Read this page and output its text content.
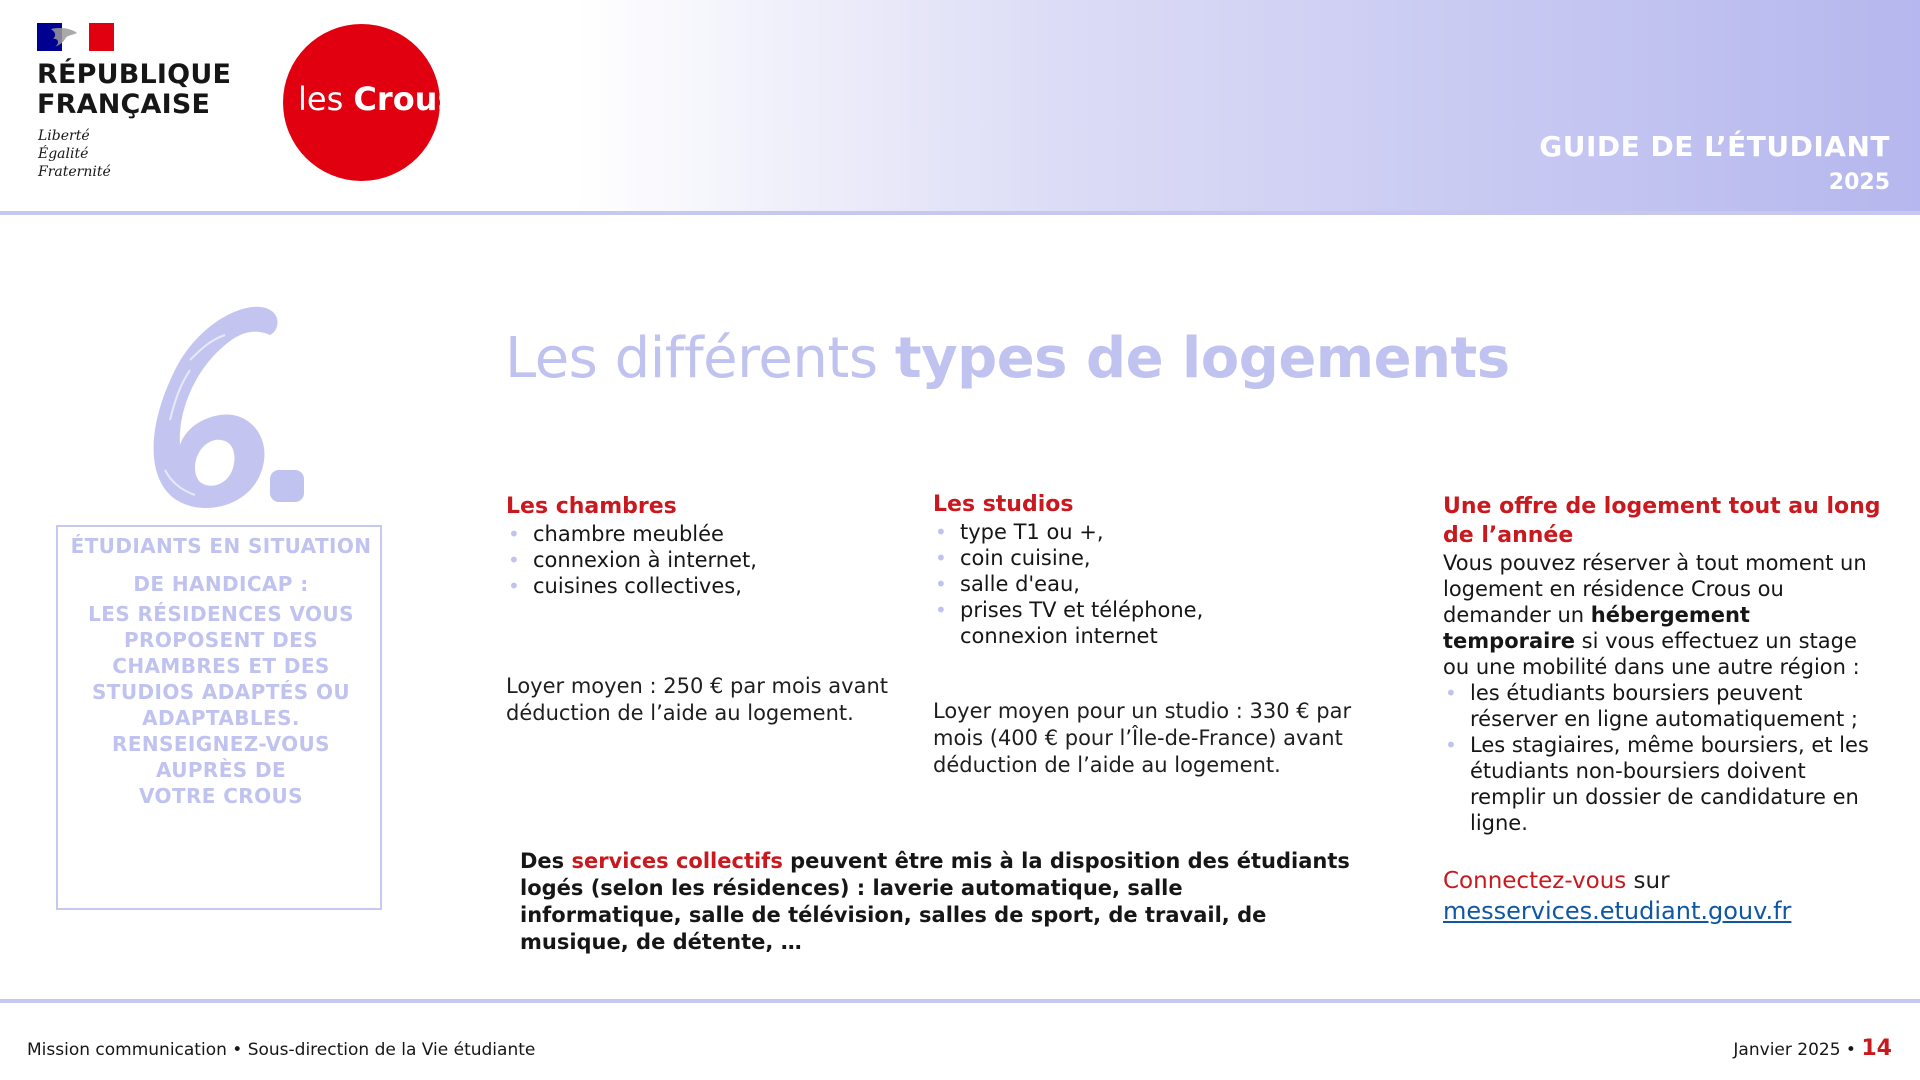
RÉPUBLIQUE
FRANÇAISE
Liberté
Égalité
Fraternité
les Crous
GUIDE DE L’ÉTUDIANT
2025
ÉTUDIANTS EN SITUATION
DE HANDICAP :
LES RÉSIDENCES VOUS
PROPOSENT DES
CHAMBRES ET DES
STUDIOS ADAPTÉS OU
ADAPTABLES.
RENSEIGNEZ-VOUS
AUPRÈS DE
VOTRE CROUS
Les différents types de logements
Les chambres
• chambre meublée
• connexion à internet,
• cuisines collectives,

Loyer moyen : 250 € par mois avant déduction de l’aide au logement.

Les studios
• type T1 ou +,
• coin cuisine,
• salle d'eau,
• prises TV et téléphone, connexion internet

Loyer moyen pour un studio : 330 € par mois (400 € pour l’Île-de-France) avant déduction de l’aide au logement.

Une offre de logement tout au long de l’année

Vous pouvez réserver à tout moment un logement en résidence Crous ou demander un hébergement temporaire si vous effectuez un stage ou une mobilité dans une autre région :

• les étudiants boursiers peuvent réserver en ligne automatiquement ;
• Les stagiaires, même boursiers, et les étudiants non-boursiers doivent remplir un dossier de candidature en ligne.

Des services collectifs peuvent être mis à la disposition des étudiants logés (selon les résidences) : laverie automatique, salle informatique, salle de télévision, salles de sport, de travail, de musique, de détente, …

Connectez-vous sur
messervices.etudiant.gouv.fr
Mission communication • Sous-direction de la Vie étudiante	Janvier 2025 • 14
